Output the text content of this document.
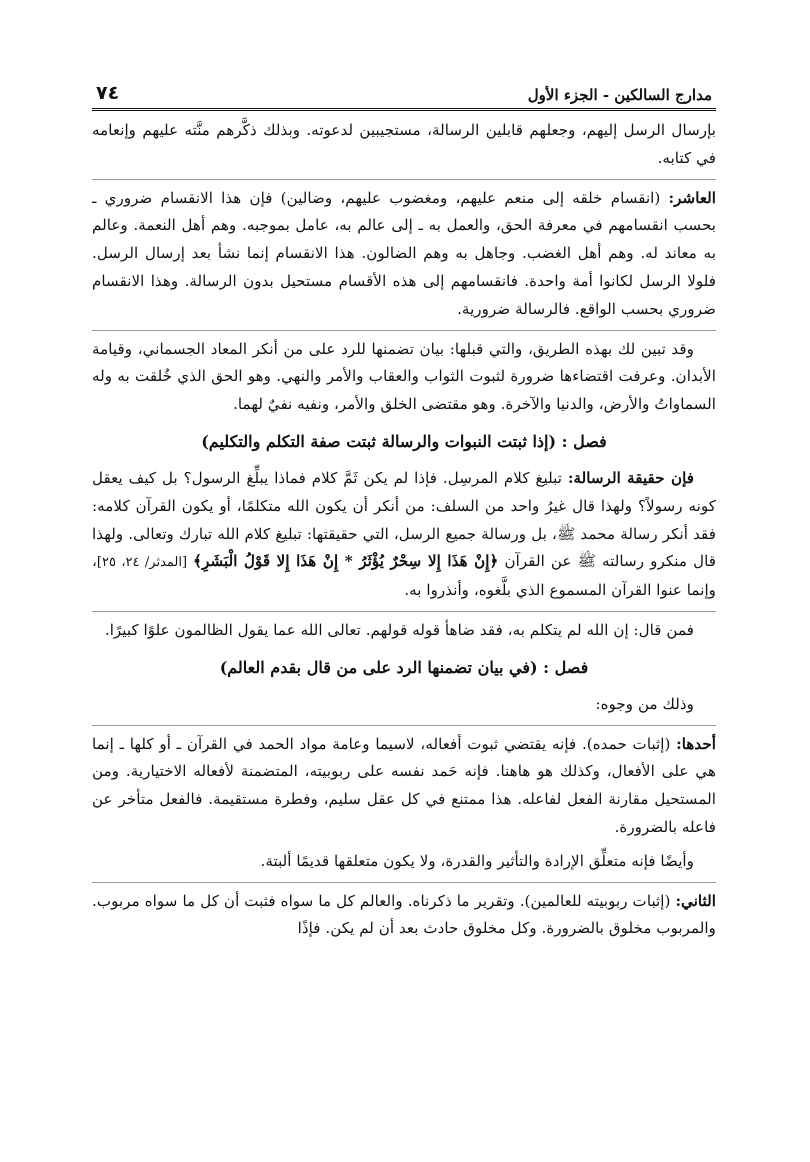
مدارج السالكين - الجزء الأول
٧٤

بإرسال الرسل إليهم، وجعلهم قابلين الرسالة، مستجيبين لدعوته. وبذلك ذكَّرهم منَّته عليهم وإنعامه في كتابه.

العاشر: (انقسام خلقه إلى منعم عليهم، ومغضوب عليهم، وضالين) فإن هذا الانقسام ضروري ـ بحسب انقسامهم في معرفة الحق، والعمل به ـ إلى عالم به، عامل بموجبه. وهم أهل النعمة. وعالم به معاند له. وهم أهل الغضب. وجاهل به وهم الضالون. هذا الانقسام إنما نشأ بعد إرسال الرسل. فلولا الرسل لكانوا أمة واحدة. فانقسامهم إلى هذه الأقسام مستحيل بدون الرسالة. وهذا الانقسام ضروري بحسب الواقع. فالرسالة ضرورية.

وقد تبين لك بهذه الطريق، والتي قبلها: بيان تضمنها للرد على من أنكر المعاد الجسماني، وقيامة الأبدان. وعرفت اقتضاءها ضرورة لثبوت الثواب والعقاب والأمر والنهي. وهو الحق الذي خُلقت به وله السماواتُ والأرض، والدنيا والآخرة. وهو مقتضى الخلق والأمر، ونفيه نفيٌ لهما.

فصل : (إذا ثبتت النبوات والرسالة ثبتت صفة التكلم والتكليم)

فإن حقيقة الرسالة: تبليغ كلام المرسِل. فإذا لم يكن ثَمَّ كلام فماذا يبلِّغ الرسول؟ بل كيف يعقل كونه رسولاً؟ ولهذا قال غيرُ واحد من السلف: من أنكر أن يكون الله متكلمًا، أو يكون القرآن كلامه: فقد أنكر رسالة محمد ﷺ، بل ورسالة جميع الرسل، التي حقيقتها: تبليغ كلام الله تبارك وتعالى. ولهذا قال منكرو رسالته ﷺ عن القرآن ﴿إِنْ هَذَا إِلا سِحْرٌ يُؤْثَرُ * إِنْ هَذَا إِلا قَوْلُ الْبَشَرِ﴾ [المدثر/ ٢٤، ٢٥]، وإنما عنوا القرآن المسموع الذي بلَّغوه، وأنذروا به.

فمن قال: إن الله لم يتكلم به، فقد ضاهأ قوله قولهم. تعالى الله عما يقول الظالمون علوًا كبيرًا.

فصل : (في بيان تضمنها الرد على من قال بقدم العالم)

وذلك من وجوه:

أحدها: (إثبات حمده). فإنه يقتضي ثبوت أفعاله، لاسيما وعامة مواد الحمد في القرآن ـ أو كلها ـ إنما هي على الأفعال، وكذلك هو هاهنا. فإنه حَمد نفسه على ربوبيته، المتضمنة لأفعاله الاختيارية. ومن المستحيل مقارنة الفعل لفاعله. هذا ممتنع في كل عقل سليم، وفطرة مستقيمة. فالفعل متأخر عن فاعله بالضرورة.

وأيضًا فإنه متعلِّق الإرادة والتأثير والقدرة، ولا يكون متعلقها قديمًا ألبتة.

الثاني: (إثبات ربوبيته للعالمين). وتقرير ما ذكرناه. والعالم كل ما سواه فثبت أن كل ما سواه مربوب. والمربوب مخلوق بالضرورة. وكل مخلوق حادث بعد أن لم يكن. فإذًا
